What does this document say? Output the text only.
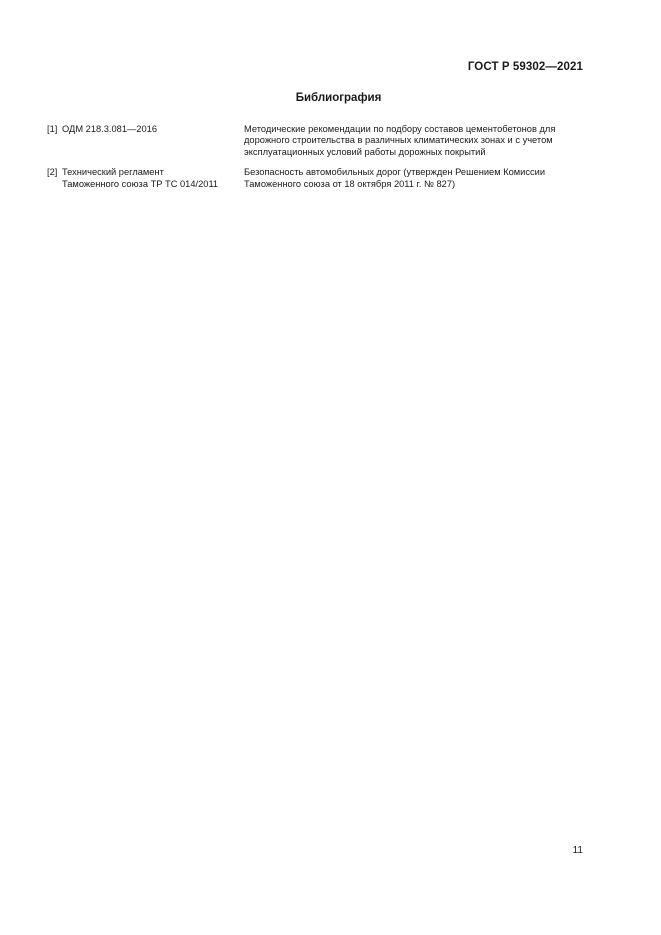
ГОСТ Р 59302—2021
Библиография
[1] ОДМ 218.3.081—2016	Методические рекомендации по подбору составов цементобетонов для
дорожного строительства в различных климатических зонах и с учетом
эксплуатационных условий работы дорожных покрытий
[2] Технический регламент
Таможенного союза ТР ТС 014/2011
Безопасность автомобильных дорог (утвержден Решением Комиссии
Таможенного союза от 18 октября 2011 г. № 827)
11
